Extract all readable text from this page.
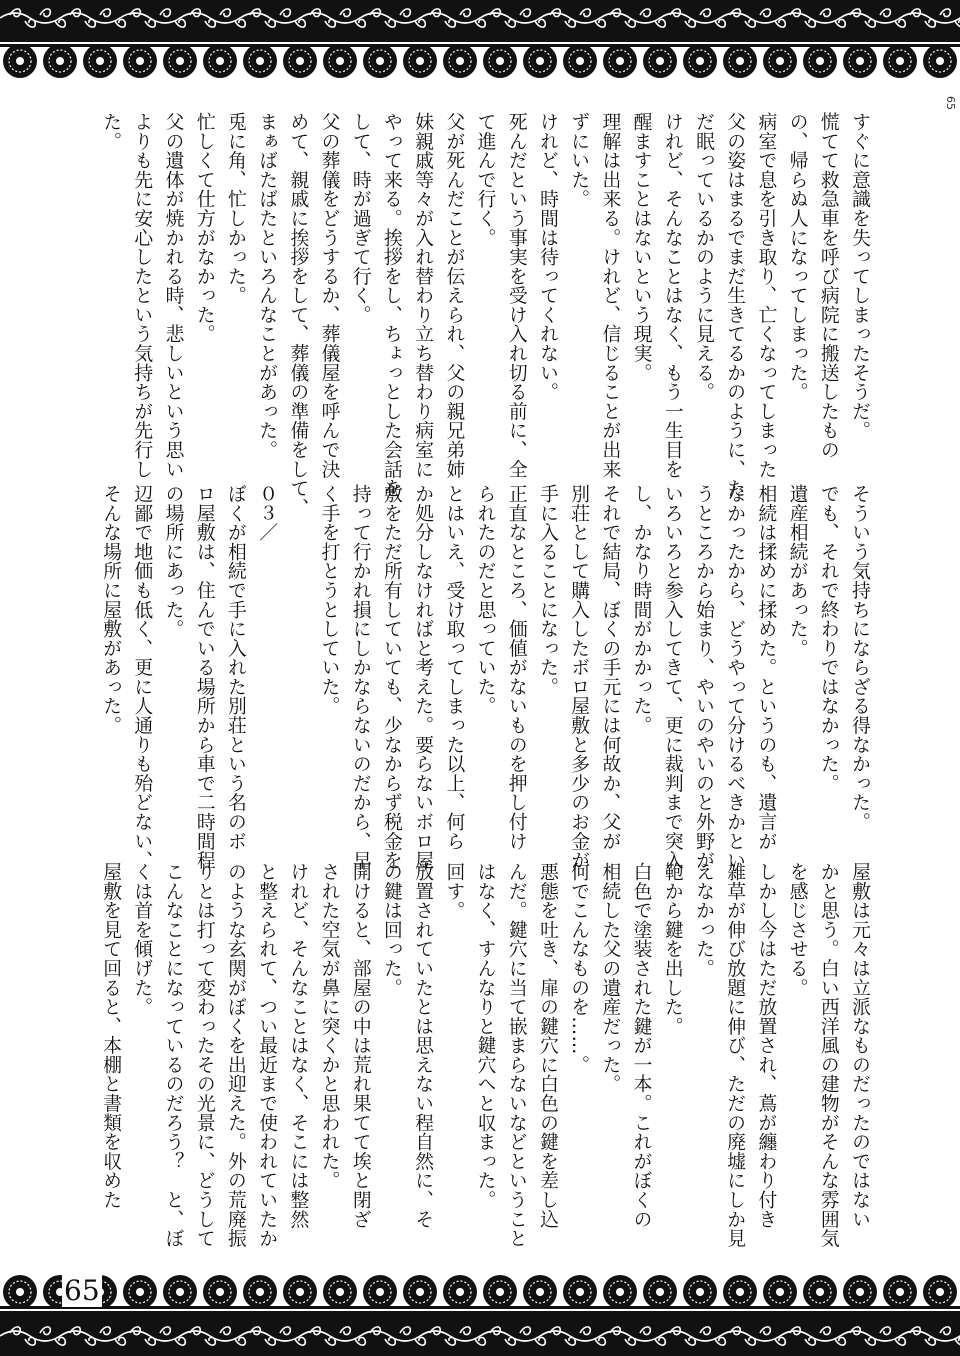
65
すぐに意識を失ってしまったそうだ。
慌てて救急車を呼び病院に搬送したもの
の、帰らぬ人になってしまった。
病室で息を引き取り、亡くなってしまった
父の姿はまるでまだ生きてるかのように、た
だ眠っているかのように見える。
けれど、そんなことはなく、もう一生目を
醒ますことはないという現実。
理解は出来る。けれど、信じることが出来
ずにいた。
けれど、時間は待ってくれない。
死んだという事実を受け入れ切る前に、全
て進んで行く。
父が死んだことが伝えられ、父の親兄弟姉
妹親戚等々が入れ替わり立ち替わり病室に
やって来る。挨拶をし、ちょっとした会話を
して、時が過ぎて行く。
父の葬儀をどうするか、葬儀屋を呼んで決
めて、親戚に挨拶をして、葬儀の準備をして、
まぁばたばたといろんなことがあった。
兎に角、忙しかった。
忙しくて仕方がなかった。
父の遺体が焼かれる時、悲しいという思い
よりも先に安心したという気持ちが先行し
た。
そういう気持ちにならざる得なかった。
でも、それで終わりではなかった。
遺産相続があった。
相続は揉めに揉めた。というのも、遺言が
なかったから、どうやって分けるべきかとい
うところから始まり、やいのやいのと外野が
いろいろと参入してきて、更に裁判まで突入
し、かなり時間がかかった。
それで結局、ぼくの手元には何故か、父が
別荘として購入したボロ屋敷と多少のお金が
手に入ることになった。
正直なところ、価値がないものを押し付け
られたのだと思っていた。
とはいえ、受け取ってしまった以上、何ら
か処分しなければと考えた。要らないボロ屋
敷をただ所有していても、少なからず税金を
持って行かれ損にしかならないのだから、早
く手を打とうとしていた。
０３／
ぼくが相続で手に入れた別荘という名のボ
ロ屋敷は、住んでいる場所から車で二時間程
の場所にあった。
辺鄙で地価も低く、更に人通りも殆どない、
そんな場所に屋敷があった。
屋敷は元々は立派なものだったのではない
かと思う。白い西洋風の建物がそんな雰囲気
を感じさせる。
しかし今はただ放置され、蔦が纏わり付き
雑草が伸び放題に伸び、ただの廃墟にしか見
えなかった。
鞄から鍵を出した。
白色で塗装された鍵が一本。これがぼくの
相続した父の遺産だった。
何でこんなものを……。
悪態を吐き、扉の鍵穴に白色の鍵を差し込
んだ。鍵穴に当て嵌まらないなどということ
はなく、すんなりと鍵穴へと収まった。
回す。
放置されていたとは思えない程自然に、そ
の鍵は回った。
開けると、部屋の中は荒れ果てて埃と閉ざ
された空気が鼻に突くかと思われた。
けれど、そんなことはなく、そこには整然
と整えられて、つい最近まで使われていたか
のような玄関がぼくを出迎えた。外の荒廃振
りとは打って変わったその光景に、どうして
こんなことになっているのだろう？　と、ぼ
くは首を傾げた。
屋敷を見て回ると、本棚と書類を収めた
65
